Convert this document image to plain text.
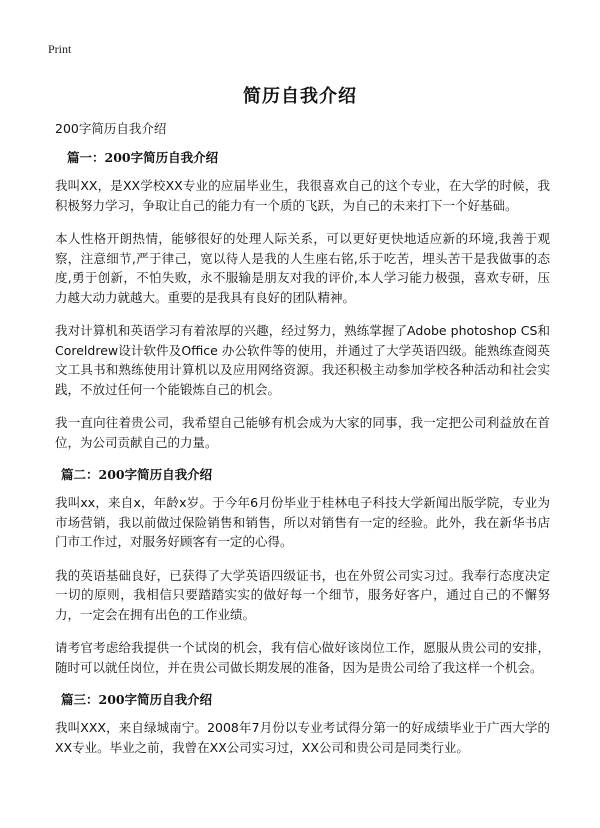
Print
简历自我介绍

200字简历自我介绍

篇一：200字简历自我介绍

我叫XX，是XX学校XX专业的应届毕业生，我很喜欢自己的这个专业，在大学的时候，我积极努力学习，争取让自己的能力有一个质的飞跃，为自己的未来打下一个好基础。

本人性格开朗热情，能够很好的处理人际关系，可以更好更快地适应新的环境,我善于观察，注意细节,严于律己，宽以待人是我的人生座右铭,乐于吃苦，埋头苦干是我做事的态度,勇于创新，不怕失败，永不服输是朋友对我的评价,本人学习能力极强，喜欢专研，压力越大动力就越大。重要的是我具有良好的团队精神。

我对计算机和英语学习有着浓厚的兴趣，经过努力，熟练掌握了Adobe photoshop CS和Coreldrew设计软件及Office 办公软件等的使用，并通过了大学英语四级。能熟练查阅英文工具书和熟练使用计算机以及应用网络资源。我还积极主动参加学校各种活动和社会实践，不放过任何一个能锻炼自己的机会。

我一直向往着贵公司，我希望自己能够有机会成为大家的同事，我一定把公司利益放在首位，为公司贡献自己的力量。

篇二：200字简历自我介绍

我叫xx，来自x，年龄x岁。于今年6月份毕业于桂林电子科技大学新闻出版学院，专业为市场营销，我以前做过保险销售和销售，所以对销售有一定的经验。此外，我在新华书店门市工作过，对服务好顾客有一定的心得。

我的英语基础良好，已获得了大学英语四级证书，也在外贸公司实习过。我奉行态度决定一切的原则，我相信只要踏踏实实的做好每一个细节，服务好客户，通过自己的不懈努力，一定会在拥有出色的工作业绩。

请考官考虑给我提供一个试岗的机会，我有信心做好该岗位工作，愿服从贵公司的安排，随时可以就任岗位，并在贵公司做长期发展的准备，因为是贵公司给了我这样一个机会。

篇三：200字简历自我介绍

我叫XXX，来自绿城南宁。2008年7月份以专业考试得分第一的好成绩毕业于广西大学的XX专业。毕业之前，我曾在XX公司实习过，XX公司和贵公司是同类行业。
